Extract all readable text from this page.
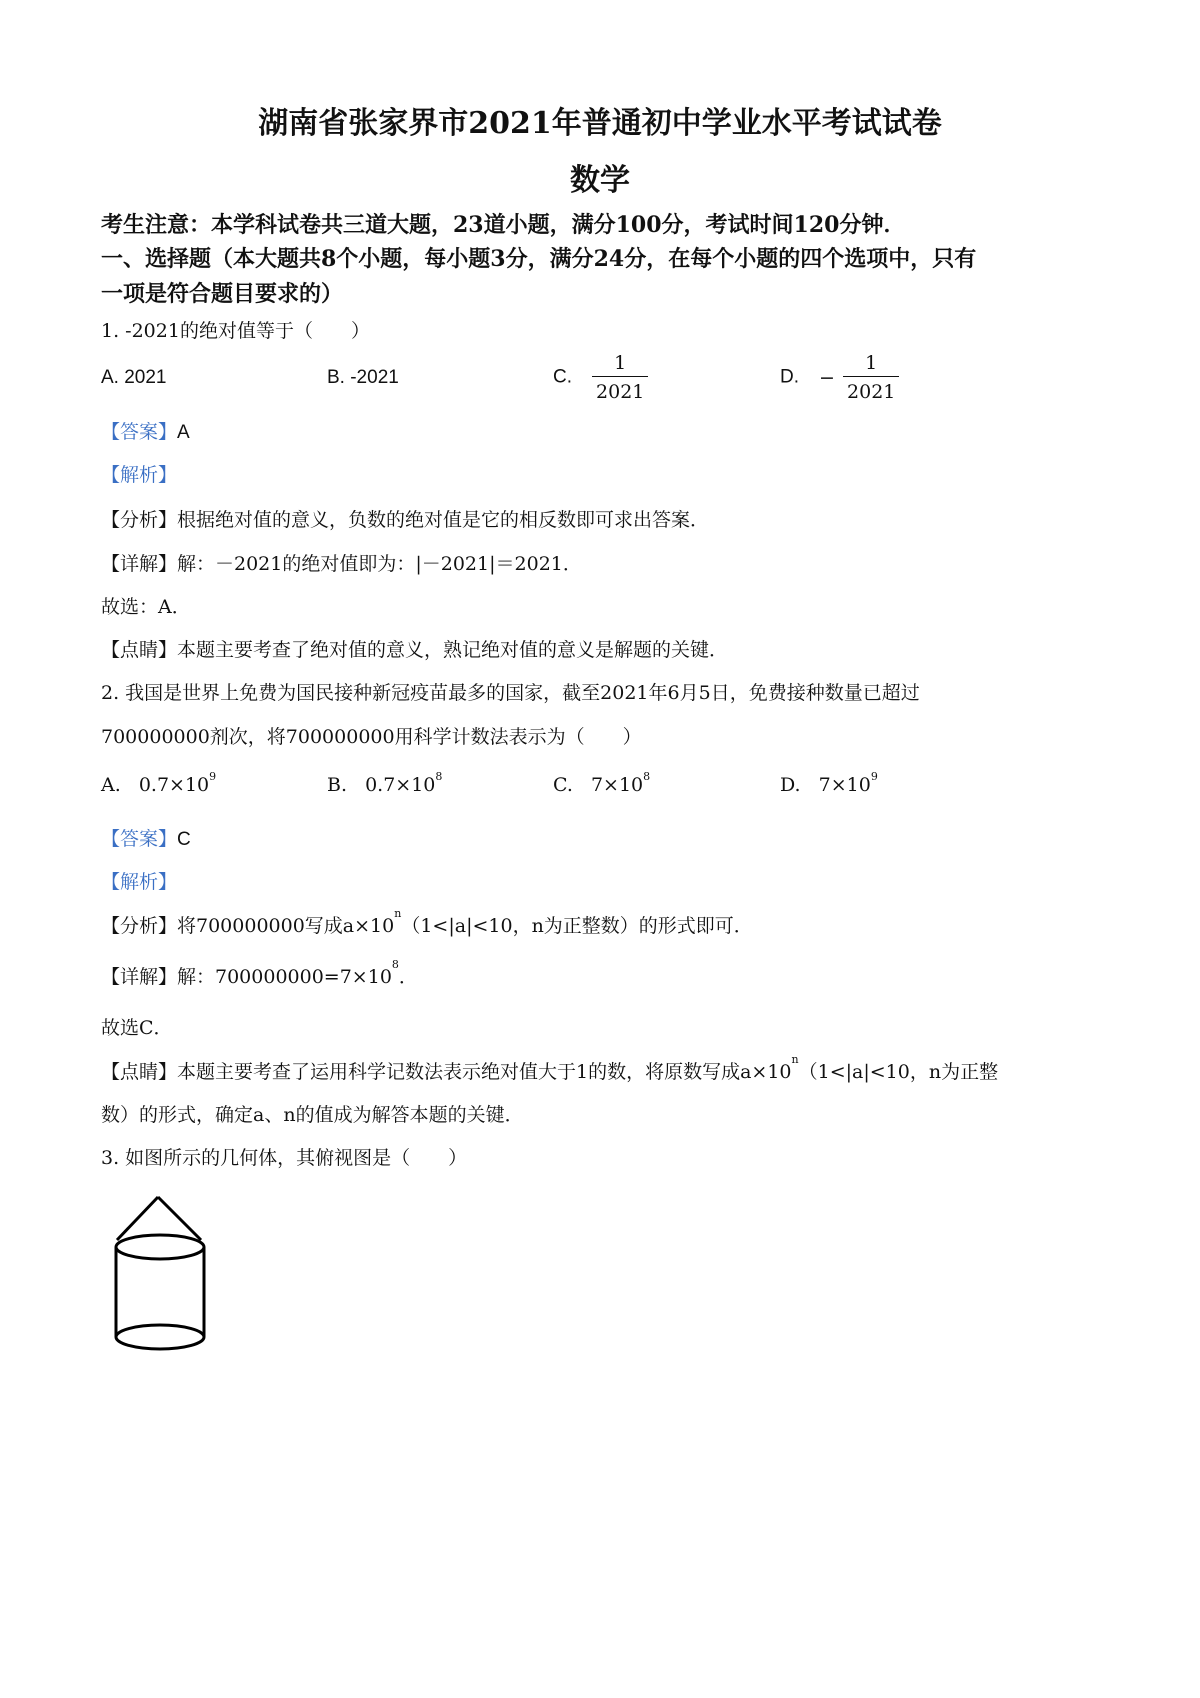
湖南省张家界市2021年普通初中学业水平考试试卷
数学
考生注意：本学科试卷共三道大题，23道小题，满分100分，考试时间120分钟．
一、选择题（本大题共8个小题，每小题3分，满分24分，在每个小题的四个选项中，只有
一项是符合题目要求的）
1. -2021的绝对值等于（　　）
A. 2021	B. -2021	C. $\frac{1}{2021}$	D. − $\frac{1}{2021}$
【答案】A
【解析】
【分析】根据绝对值的意义，负数的绝对值是它的相反数即可求出答案．
【详解】解：－2021的绝对值即为：|－2021|＝2021．
故选：A．
【点睛】本题主要考查了绝对值的意义，熟记绝对值的意义是解题的关键．
2. 我国是世界上免费为国民接种新冠疫苗最多的国家，截至2021年6月5日，免费接种数量已超过
700000000剂次，将700000000用科学计数法表示为（　　）
A. $0.7\times 10^9$	B. $0.7\times 10^8$	C. $7\times 10^8$	D. $7\times 10^9$
【答案】C
【解析】
【分析】将700000000写成$a\times 10^n(1<|a|<10$，n为正整数）的形式即可．
【详解】解：$700000000=7\times 10^8$．
故选C．
【点睛】本题主要考查了运用科学记数法表示绝对值大于1的数，将原数写成$a\times 10^n(1<|a|<10$，n为正整
数）的形式，确定a、n的值成为解答本题的关键．
3. 如图所示的几何体，其俯视图是（　　）
